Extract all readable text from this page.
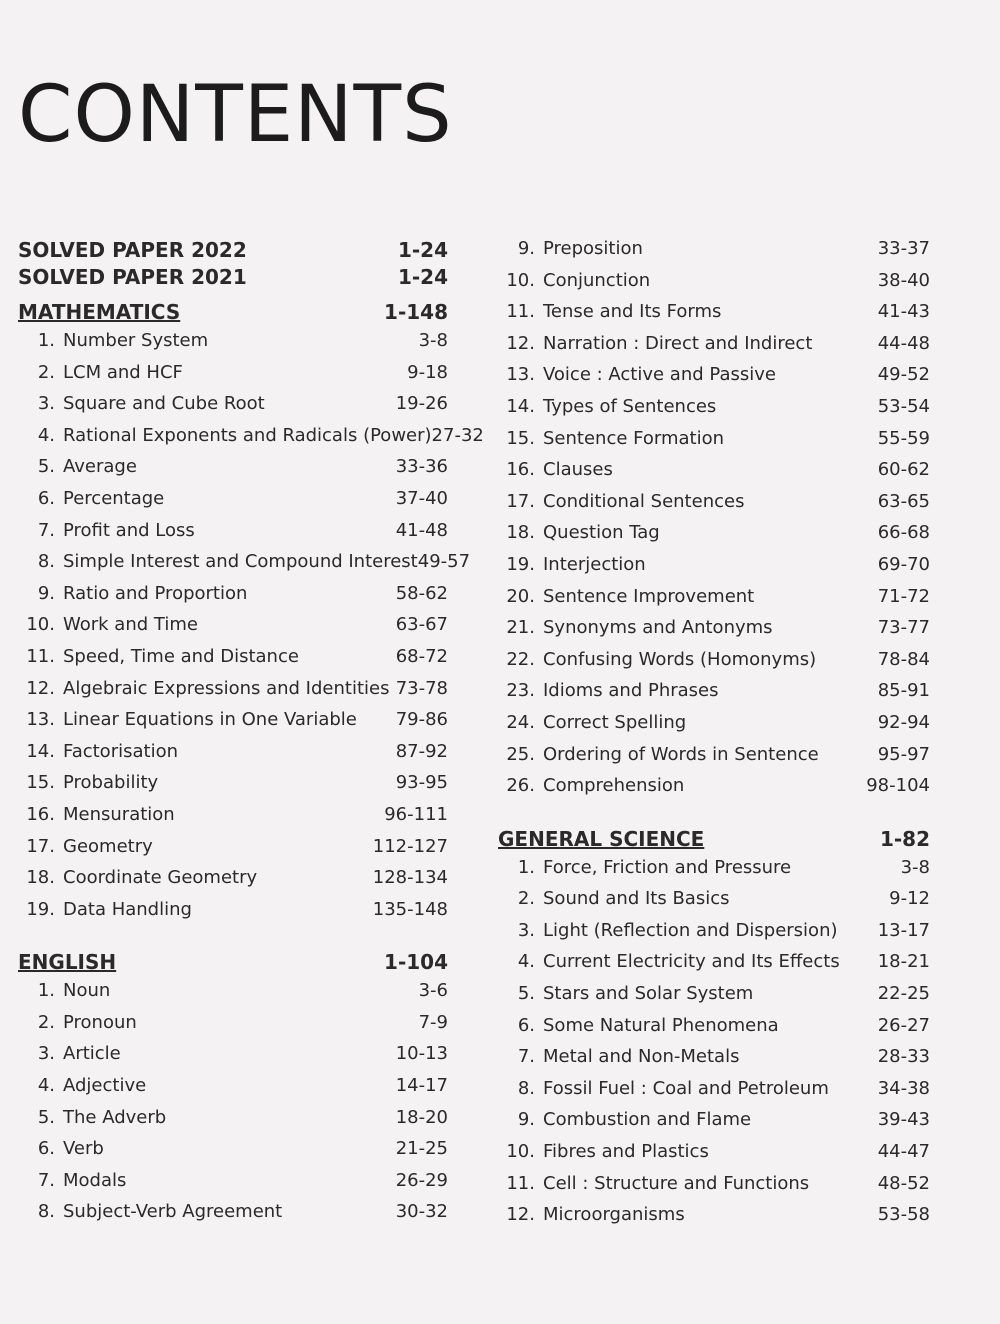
CONTENTS
SOLVED PAPER 2022	1-24
SOLVED PAPER 2021	1-24
MATHEMATICS	1-148
1. Number System	3-8
2. LCM and HCF	9-18
3. Square and Cube Root	19-26
4. Rational Exponents and Radicals (Power) 27-32
5. Average	33-36
6. Percentage	37-40
7. Profit and Loss	41-48
8. Simple Interest and Compound Interest 49-57
9. Ratio and Proportion	58-62
10. Work and Time	63-67
11. Speed, Time and Distance	68-72
12. Algebraic Expressions and Identities 73-78
13. Linear Equations in One Variable 79-86
14. Factorisation	87-92
15. Probability	93-95
16. Mensuration	96-111
17. Geometry	112-127
18. Coordinate Geometry	128-134
19. Data Handling	135-148
ENGLISH	1-104
1. Noun	3-6
2. Pronoun	7-9
3. Article	10-13
4. Adjective	14-17
5. The Adverb	18-20
6. Verb	21-25
7. Modals	26-29
8. Subject-Verb Agreement	30-32
9. Preposition	33-37
10. Conjunction	38-40
11. Tense and Its Forms	41-43
12. Narration : Direct and Indirect	44-48
13. Voice : Active and Passive	49-52
14. Types of Sentences	53-54
15. Sentence Formation	55-59
16. Clauses	60-62
17. Conditional Sentences	63-65
18. Question Tag	66-68
19. Interjection	69-70
20. Sentence Improvement	71-72
21. Synonyms and Antonyms	73-77
22. Confusing Words (Homonyms)	78-84
23. Idioms and Phrases	85-91
24. Correct Spelling	92-94
25. Ordering of Words in Sentence	95-97
26. Comprehension	98-104
GENERAL SCIENCE	1-82
1. Force, Friction and Pressure	3-8
2. Sound and Its Basics	9-12
3. Light (Reflection and Dispersion) 13-17
4. Current Electricity and Its Effects 18-21
5. Stars and Solar System	22-25
6. Some Natural Phenomena	26-27
7. Metal and Non-Metals	28-33
8. Fossil Fuel : Coal and Petroleum	34-38
9. Combustion and Flame	39-43
10. Fibres and Plastics	44-47
11. Cell : Structure and Functions	48-52
12. Microorganisms	53-58
